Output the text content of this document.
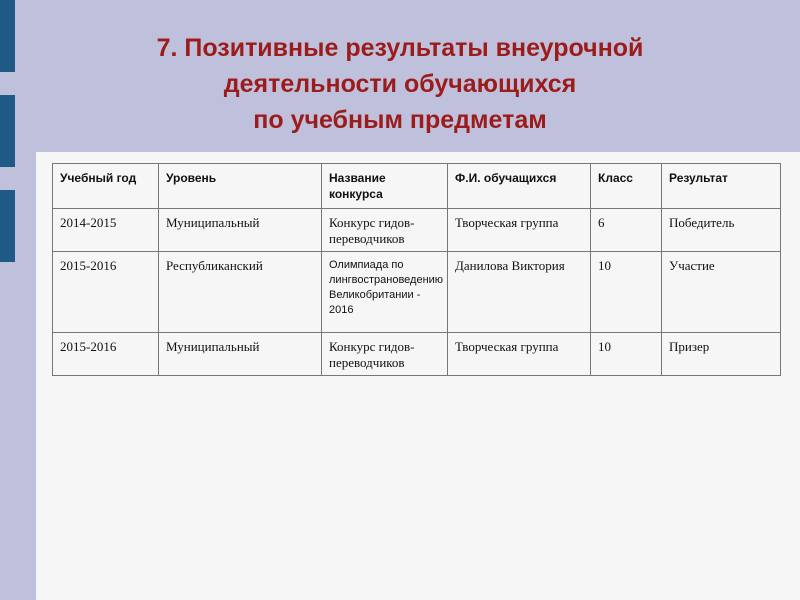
7. Позитивные результаты внеурочной
деятельности обучающихся
по учебным предметам
Учебный год	Уровень	Название конкурса	Ф.И. обучащихся	Класс	Результат
2014-2015	Муниципальный	Конкурс гидов-переводчиков	Творческая группа	6	Победитель
2015-2016	Республиканский	Олимпиада по лингвострановедению Великобритании - 2016	Данилова Виктория	10	Участие
2015-2016	Муниципальный	Конкурс гидов-переводчиков	Творческая группа	10	Призер
